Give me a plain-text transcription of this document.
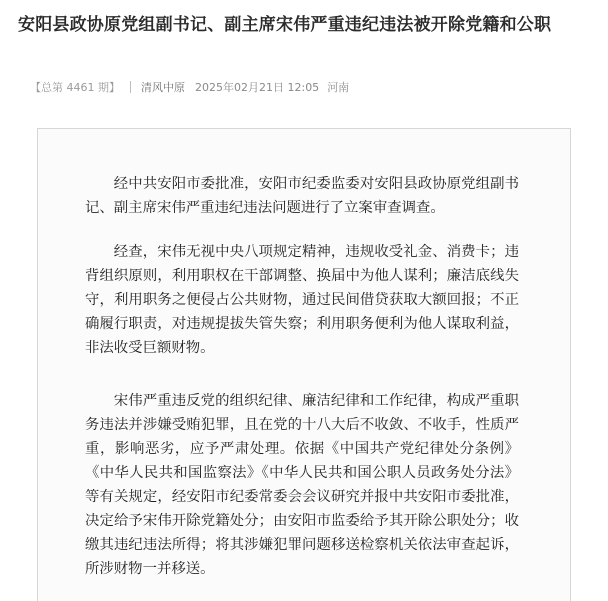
安阳县政协原党组副书记、副主席宋伟严重违纪违法被开除党籍和公职
【总第 4461 期】 清风中原 2025年02月21日 12:05 河南
经中共安阳市委批准，安阳市纪委监委对安阳县政协原党组副书记、副主席宋伟严重违纪违法问题进行了立案审查调查。
经查，宋伟无视中央八项规定精神，违规收受礼金、消费卡；违背组织原则，利用职权在干部调整、换届中为他人谋利；廉洁底线失守，利用职务之便侵占公共财物，通过民间借贷获取大额回报；不正确履行职责，对违规提拔失管失察；利用职务便利为他人谋取利益，非法收受巨额财物。
宋伟严重违反党的组织纪律、廉洁纪律和工作纪律，构成严重职务违法并涉嫌受贿犯罪，且在党的十八大后不收敛、不收手，性质严重，影响恶劣，应予严肃处理。依据《中国共产党纪律处分条例》《中华人民共和国监察法》《中华人民共和国公职人员政务处分法》等有关规定，经安阳市纪委常委会会议研究并报中共安阳市委批准，决定给予宋伟开除党籍处分；由安阳市监委给予其开除公职处分；收缴其违纪违法所得；将其涉嫌犯罪问题移送检察机关依法审查起诉，所涉财物一并移送。
